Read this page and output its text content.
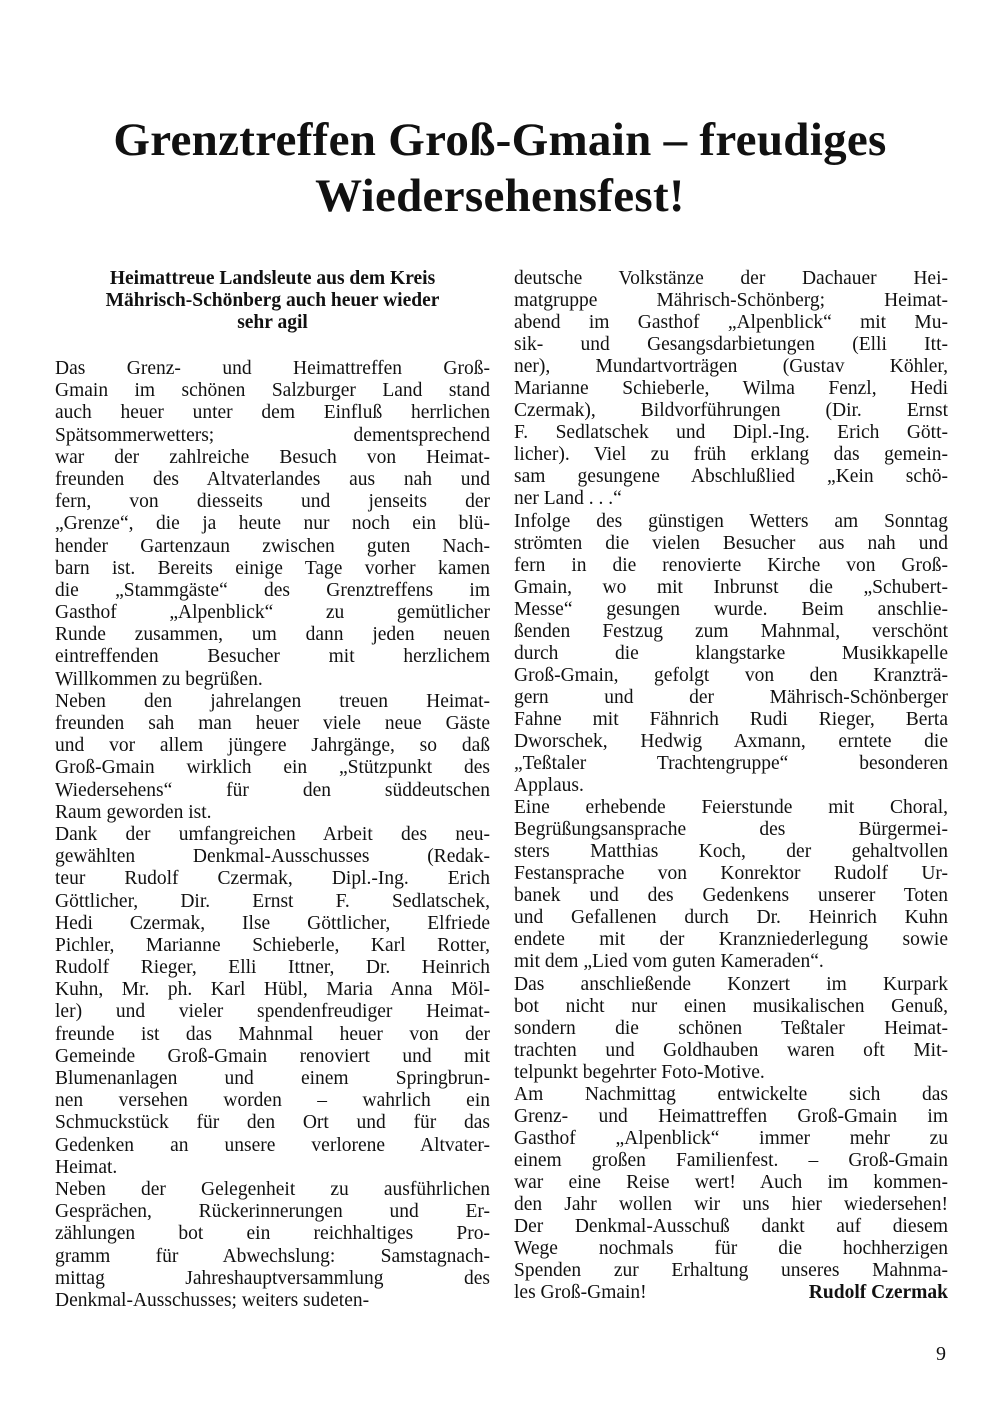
Grenztreffen Groß-Gmain – freudiges
Wiedersehensfest!
Heimattreue Landsleute aus dem Kreis
Mährisch-Schönberg auch heuer wieder
sehr agil
Das Grenz- und Heimattreffen Groß-
Gmain im schönen Salzburger Land stand
auch heuer unter dem Einfluß herrlichen
Spätsommerwetters; dementsprechend
war der zahlreiche Besuch von Heimat-
freunden des Altvaterlandes aus nah und
fern, von diesseits und jenseits der
„Grenze“, die ja heute nur noch ein blü-
hender Gartenzaun zwischen guten Nach-
barn ist. Bereits einige Tage vorher kamen
die „Stammgäste“ des Grenztreffens im
Gasthof „Alpenblick“ zu gemütlicher
Runde zusammen, um dann jeden neuen
eintreffenden Besucher mit herzlichem
Willkommen zu begrüßen.
Neben den jahrelangen treuen Heimat-
freunden sah man heuer viele neue Gäste
und vor allem jüngere Jahrgänge, so daß
Groß-Gmain wirklich ein „Stützpunkt des
Wiedersehens“ für den süddeutschen
Raum geworden ist.
Dank der umfangreichen Arbeit des neu-
gewählten Denkmal-Ausschusses (Redak-
teur Rudolf Czermak, Dipl.-Ing. Erich
Göttlicher, Dir. Ernst F. Sedlatschek,
Hedi Czermak, Ilse Göttlicher, Elfriede
Pichler, Marianne Schieberle, Karl Rotter,
Rudolf Rieger, Elli Ittner, Dr. Heinrich
Kuhn, Mr. ph. Karl Hübl, Maria Anna Möl-
ler) und vieler spendenfreudiger Heimat-
freunde ist das Mahnmal heuer von der
Gemeinde Groß-Gmain renoviert und mit
Blumenanlagen und einem Springbrun-
nen versehen worden – wahrlich ein
Schmuckstück für den Ort und für das
Gedenken an unsere verlorene Altvater-
Heimat.
Neben der Gelegenheit zu ausführlichen
Gesprächen, Rückerinnerungen und Er-
zählungen bot ein reichhaltiges Pro-
gramm für Abwechslung: Samstagnach-
mittag Jahreshauptversammlung des
Denkmal-Ausschusses; weiters sudeten-
deutsche Volkstänze der Dachauer Hei-
matgruppe Mährisch-Schönberg; Heimat-
abend im Gasthof „Alpenblick“ mit Mu-
sik- und Gesangsdarbietungen (Elli Itt-
ner), Mundartvorträgen (Gustav Köhler,
Marianne Schieberle, Wilma Fenzl, Hedi
Czermak), Bildvorführungen (Dir. Ernst
F. Sedlatschek und Dipl.-Ing. Erich Gött-
licher). Viel zu früh erklang das gemein-
sam gesungene Abschlußlied „Kein schö-
ner Land . . .“
Infolge des günstigen Wetters am Sonntag
strömten die vielen Besucher aus nah und
fern in die renovierte Kirche von Groß-
Gmain, wo mit Inbrunst die „Schubert-
Messe“ gesungen wurde. Beim anschlie-
ßenden Festzug zum Mahnmal, verschönt
durch die klangstarke Musikkapelle
Groß-Gmain, gefolgt von den Kranzträ-
gern und der Mährisch-Schönberger
Fahne mit Fähnrich Rudi Rieger, Berta
Dworschek, Hedwig Axmann, erntete die
„Teßtaler Trachtengruppe“ besonderen
Applaus.
Eine erhebende Feierstunde mit Choral,
Begrüßungsansprache des Bürgermei-
sters Matthias Koch, der gehaltvollen
Festansprache von Konrektor Rudolf Ur-
banek und des Gedenkens unserer Toten
und Gefallenen durch Dr. Heinrich Kuhn
endete mit der Kranzniederlegung sowie
mit dem „Lied vom guten Kameraden“.
Das anschließende Konzert im Kurpark
bot nicht nur einen musikalischen Genuß,
sondern die schönen Teßtaler Heimat-
trachten und Goldhauben waren oft Mit-
telpunkt begehrter Foto-Motive.
Am Nachmittag entwickelte sich das
Grenz- und Heimattreffen Groß-Gmain im
Gasthof „Alpenblick“ immer mehr zu
einem großen Familienfest. – Groß-Gmain
war eine Reise wert! Auch im kommen-
den Jahr wollen wir uns hier wiedersehen!
Der Denkmal-Ausschuß dankt auf diesem
Wege nochmals für die hochherzigen
Spenden zur Erhaltung unseres Mahnma-
les Groß-Gmain!	Rudolf Czermak
9
